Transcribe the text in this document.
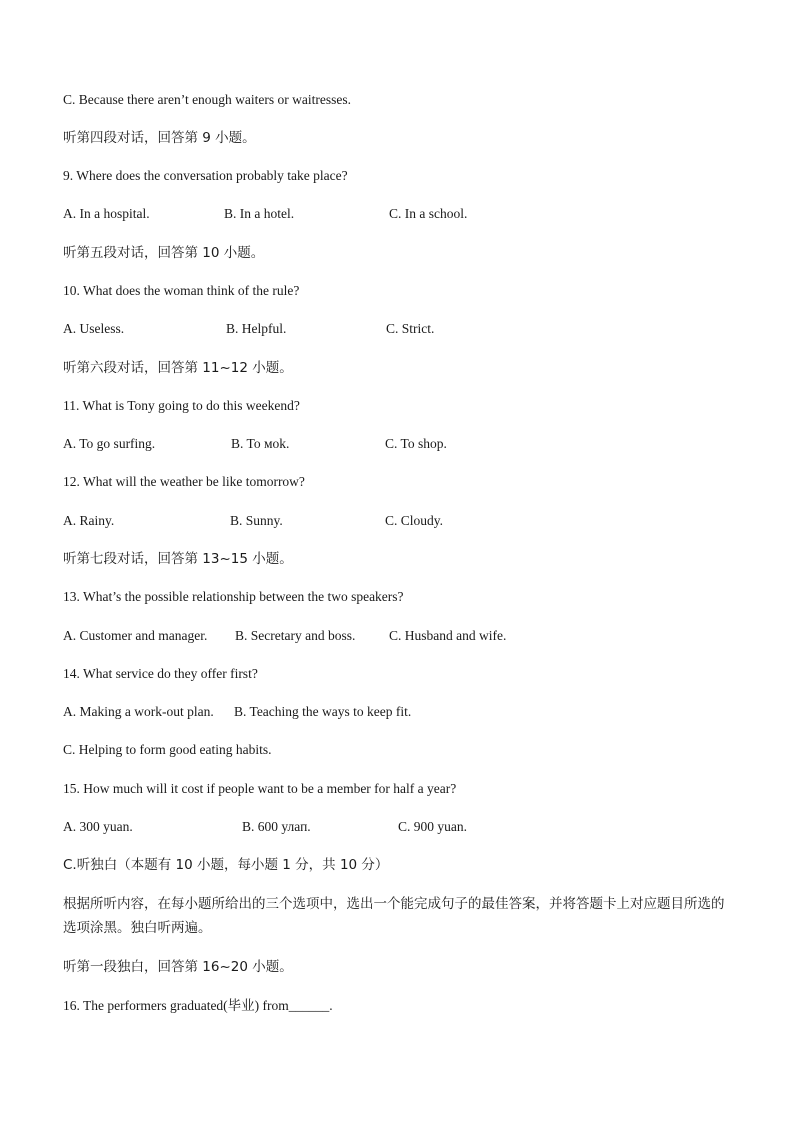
C. Because there aren’t enough waiters or waitresses.
听第四段对话，回答第 9 小题。
9. Where does the conversation probably take place?
A. In a hospital.	B. In a hotel.	C. In a school.
听第五段对话，回答第 10 小题。
10. What does the woman think of the rule?
A. Useless.	B. Helpful.	C. Strict.
听第六段对话，回答第 11~12 小题。
11. What is Tony going to do this weekend?
A. To go surfing.	B. To мok.	C. To shop.
12. What will the weather be like tomorrow?
A. Rainy.	B. Sunny.	C. Cloudy.
听第七段对话，回答第 13~15 小题。
13. What’s the possible relationship between the two speakers?
A. Customer and manager. B. Secretary and boss. C. Husband and wife.
14. What service do they offer first?
A. Making a work-out plan. B. Teaching the ways to keep fit.
C. Helping to form good eating habits.
15. How much will it cost if people want to be a member for half a year?
A. 300 yuan.	B. 600 улап.	C. 900 yuan.
C.听独白（本题有 10 小题，每小题 1 分，共 10 分）
根据所听内容，在每小题所给出的三个选项中，选出一个能完成句子的最佳答案，并将答题卡上对应题目所选的选项涂黑。独白听两遍。
听第一段独白，回答第 16~20 小题。
16. The performers graduated(毕业) from______.
